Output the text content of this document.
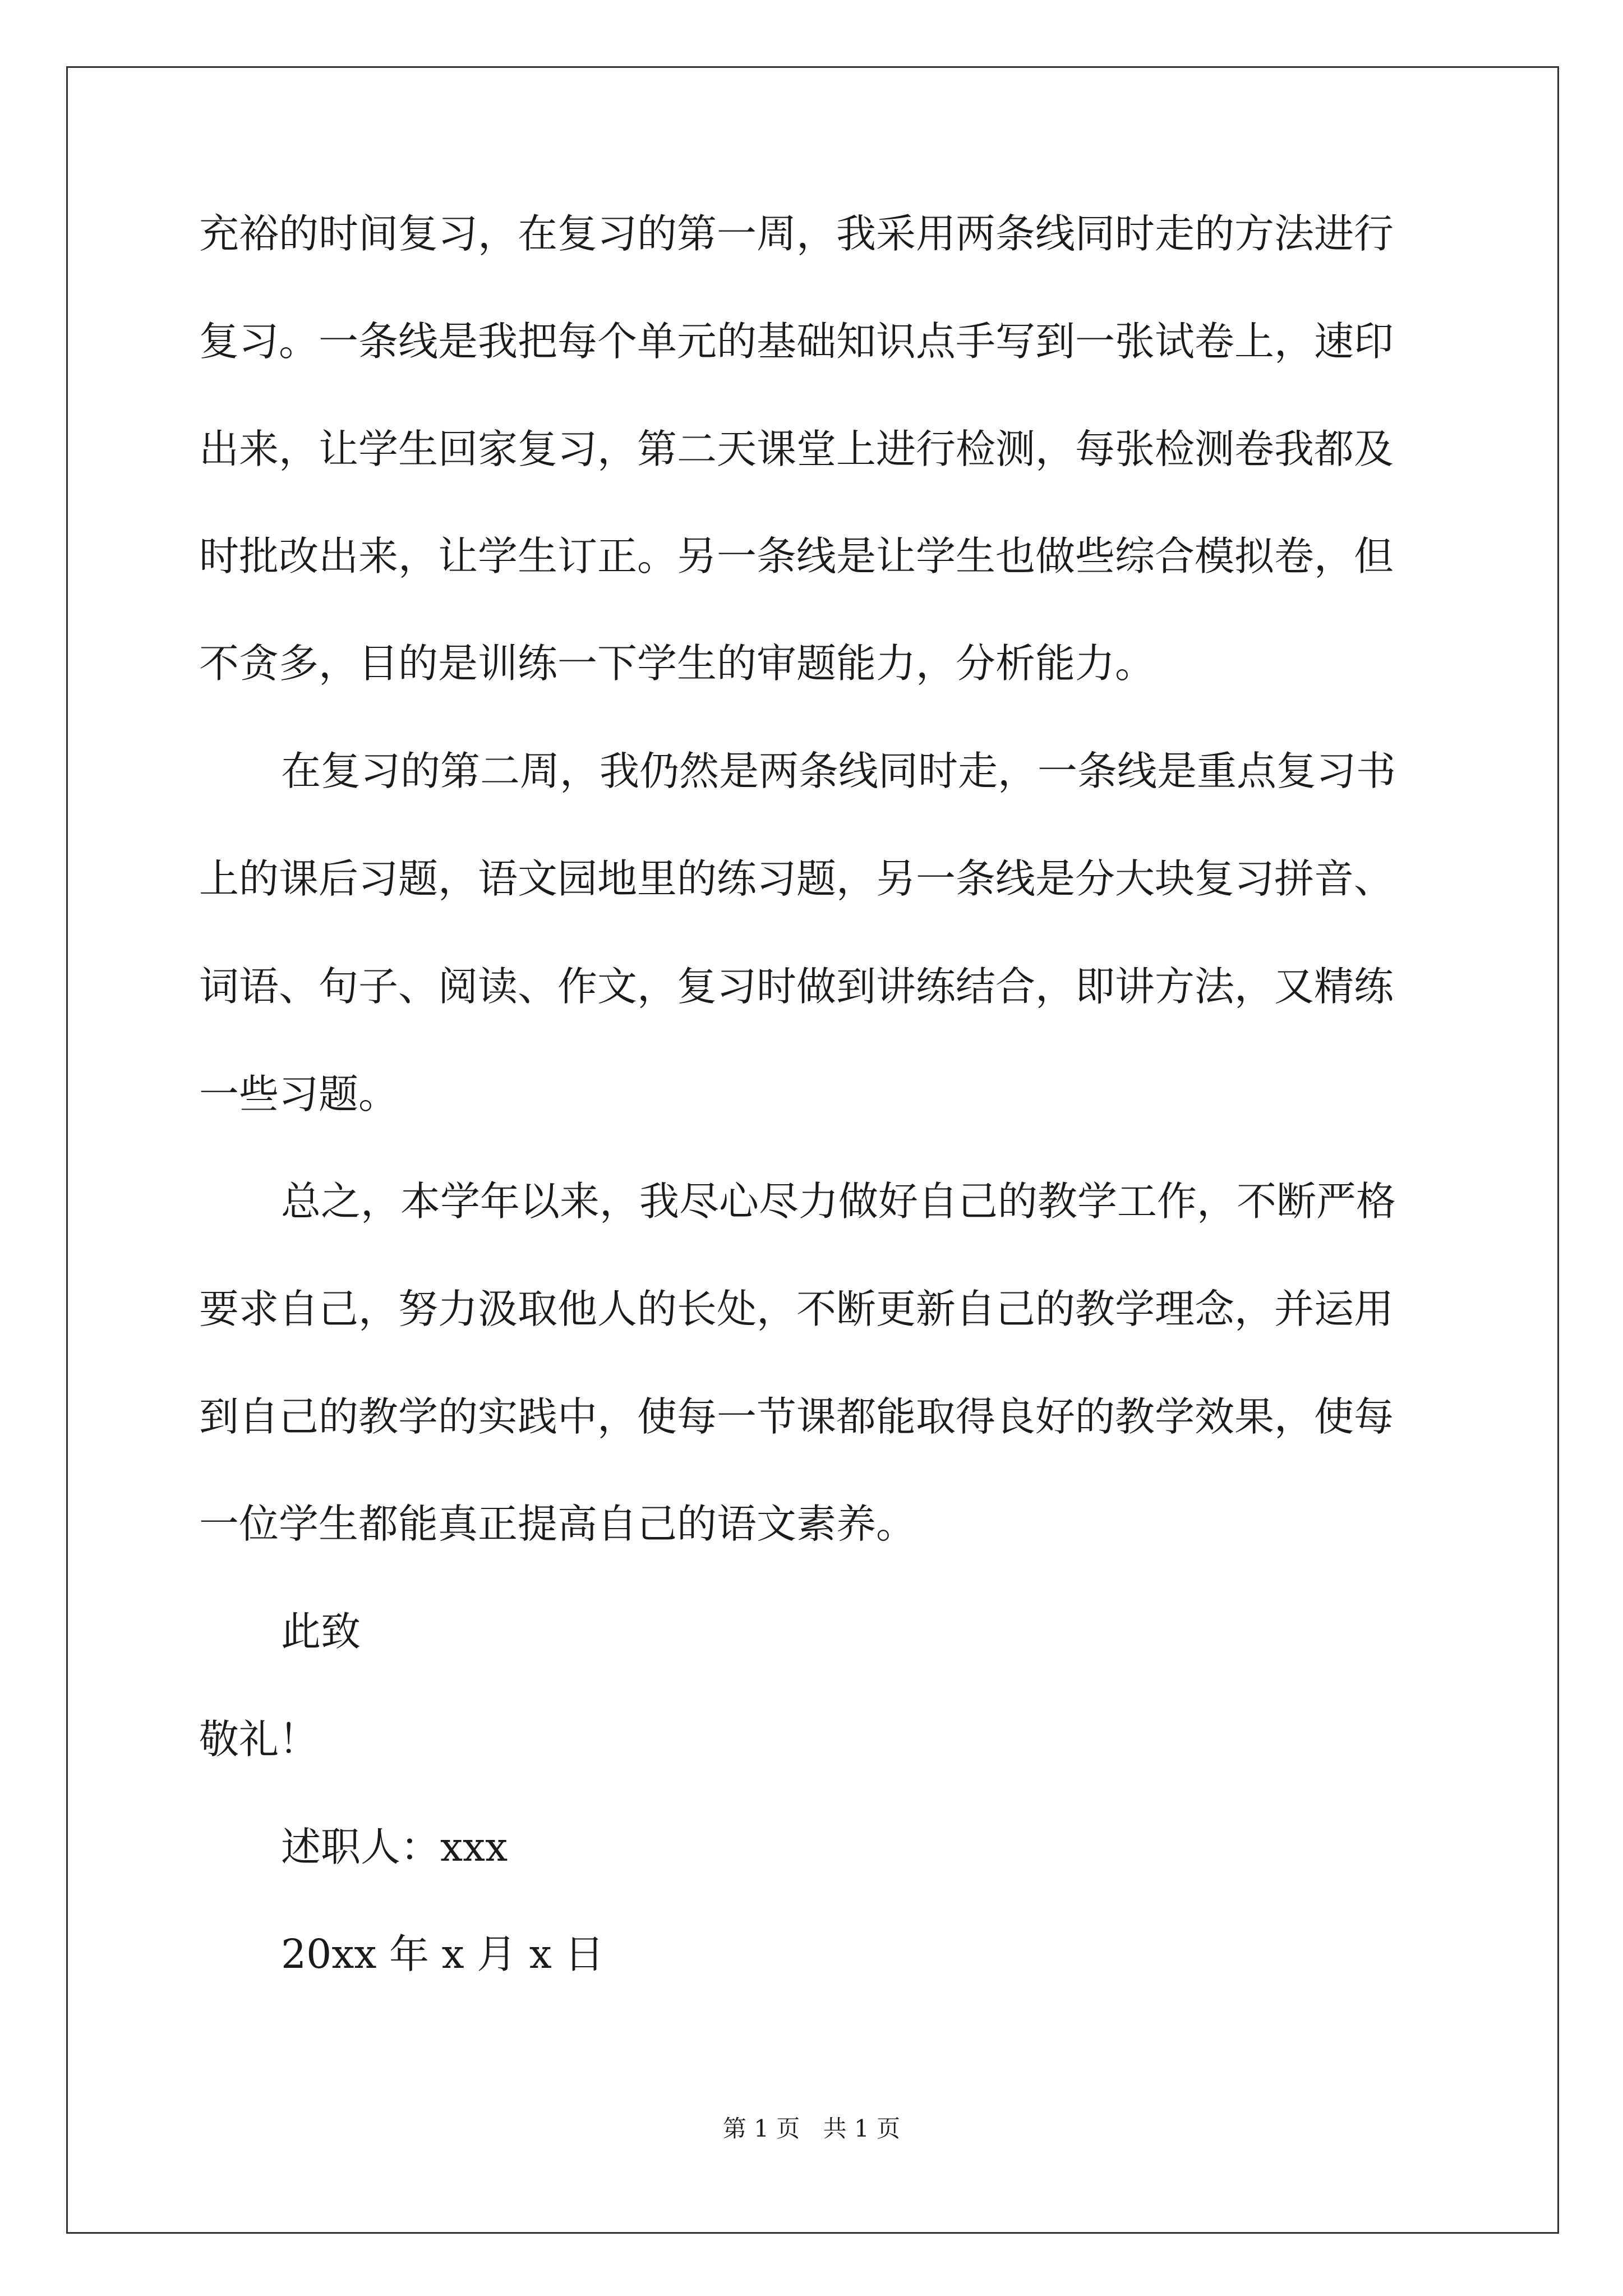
充裕的时间复习，在复习的第一周，我采用两条线同时走的方法进行
复习。一条线是我把每个单元的基础知识点手写到一张试卷上，速印
出来，让学生回家复习，第二天课堂上进行检测，每张检测卷我都及
时批改出来，让学生订正。另一条线是让学生也做些综合模拟卷，但
不贪多，目的是训练一下学生的审题能力，分析能力。
在复习的第二周，我仍然是两条线同时走，一条线是重点复习书
上的课后习题，语文园地里的练习题，另一条线是分大块复习拼音、
词语、句子、阅读、作文，复习时做到讲练结合，即讲方法，又精练
一些习题。
总之，本学年以来，我尽心尽力做好自己的教学工作，不断严格
要求自己，努力汲取他人的长处，不断更新自己的教学理念，并运用
到自己的教学的实践中，使每一节课都能取得良好的教学效果，使每
一位学生都能真正提高自己的语文素养。
此致
敬礼！
述职人：xxx
20xx 年 x 月 x 日
第 1 页 共 1 页
